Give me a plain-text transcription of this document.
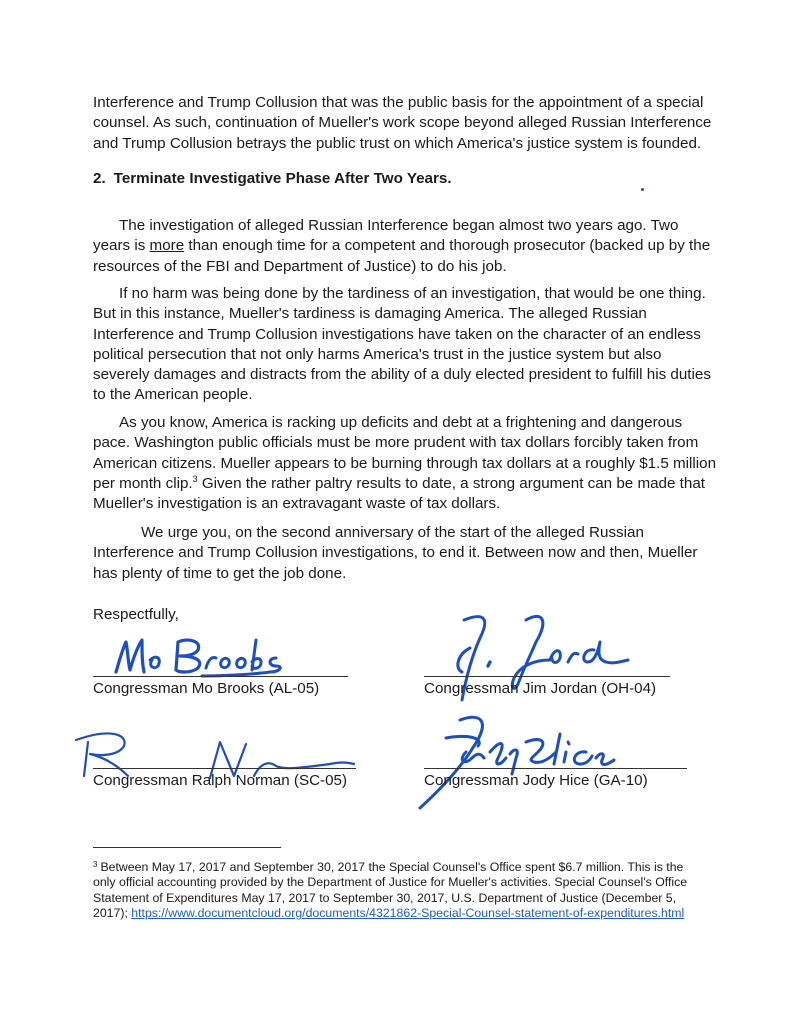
Interference and Trump Collusion that was the public basis for the appointment of a special counsel. As such, continuation of Mueller's work scope beyond alleged Russian Interference and Trump Collusion betrays the public trust on which America's justice system is founded.

2. Terminate Investigative Phase After Two Years.

The investigation of alleged Russian Interference began almost two years ago. Two years is more than enough time for a competent and thorough prosecutor (backed up by the resources of the FBI and Department of Justice) to do his job.

If no harm was being done by the tardiness of an investigation, that would be one thing. But in this instance, Mueller's tardiness is damaging America. The alleged Russian Interference and Trump Collusion investigations have taken on the character of an endless political persecution that not only harms America's trust in the justice system but also severely damages and distracts from the ability of a duly elected president to fulfill his duties to the American people.

As you know, America is racking up deficits and debt at a frightening and dangerous pace. Washington public officials must be more prudent with tax dollars forcibly taken from American citizens. Mueller appears to be burning through tax dollars at a roughly $1.5 million per month clip.$^3$ Given the rather paltry results to date, a strong argument can be made that Mueller's investigation is an extravagant waste of tax dollars.

We urge you, on the second anniversary of the start of the alleged Russian Interference and Trump Collusion investigations, to end it. Between now and then, Mueller has plenty of time to get the job done.

Respectfully,
Congressman Mo Brooks (AL-05)	Congressman Jim Jordan (OH-04)
Congressman Ralph Norman (SC-05)	Congressman Jody Hice (GA-10)
$^3$ Between May 17, 2017 and September 30, 2017 the Special Counsel's Office spent $6.7 million. This is the only official accounting provided by the Department of Justice for Mueller's activities. Special Counsel's Office Statement of Expenditures May 17, 2017 to September 30, 2017, U.S. Department of Justice (December 5, 2017); https://www.documentcloud.org/documents/4321862-Special-Counsel-statement-of-expenditures.html
